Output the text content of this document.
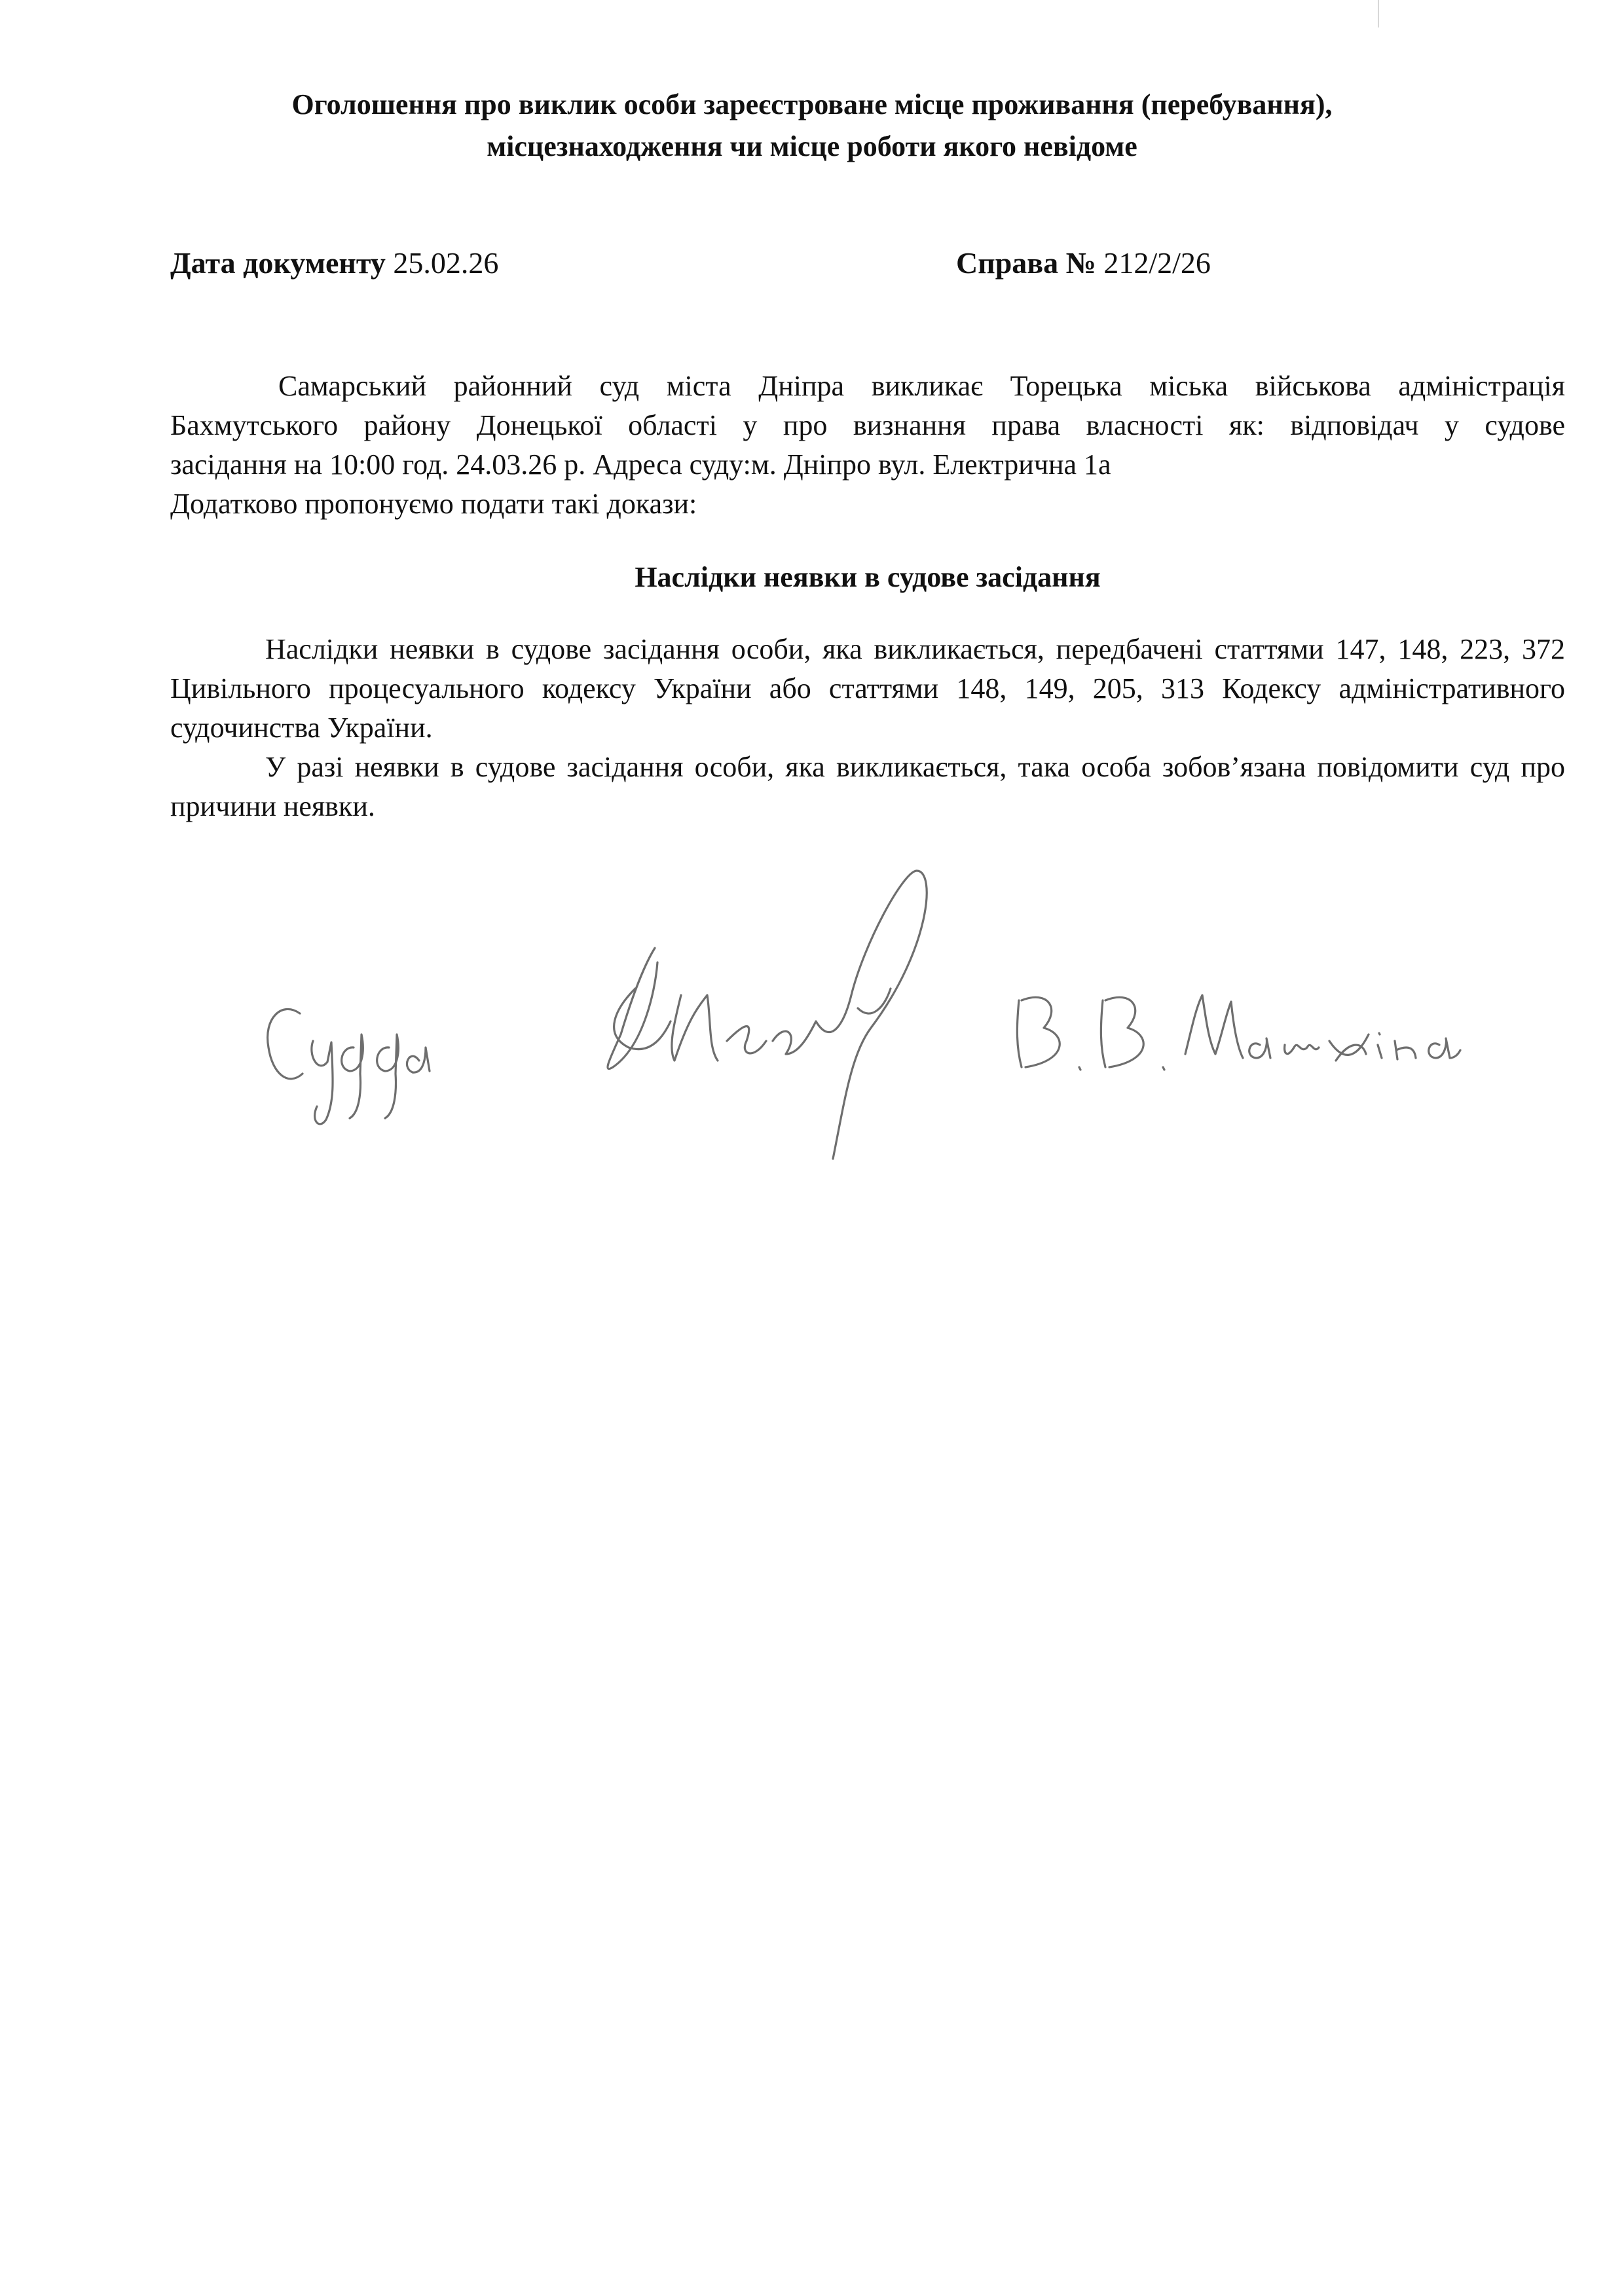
Оголошення про виклик особи зареєстроване місце проживання (перебування),
місцезнаходження чи місце роботи якого невідоме
Дата документу 25.02.26	Справа № 212/2/26
Самарський районний суд міста Дніпра викликає Торецька міська військова адміністрація
Бахмутського району Донецької області у про визнання права власності як: відповідач у судове
засідання на 10:00 год. 24.03.26 р. Адреса суду:м. Дніпро вул. Електрична 1а
Додатково пропонуємо подати такі докази:
Наслідки неявки в судове засідання

Наслідки неявки в судове засідання особи, яка викликається, передбачені статтями 147, 148, 223, 372 Цивільного процесуального кодексу України або статтями 148, 149, 205, 313 Кодексу адміністративного судочинства України.

У разі неявки в судове засідання особи, яка викликається, така особа зобов’язана повідомити суд про причини неявки.
